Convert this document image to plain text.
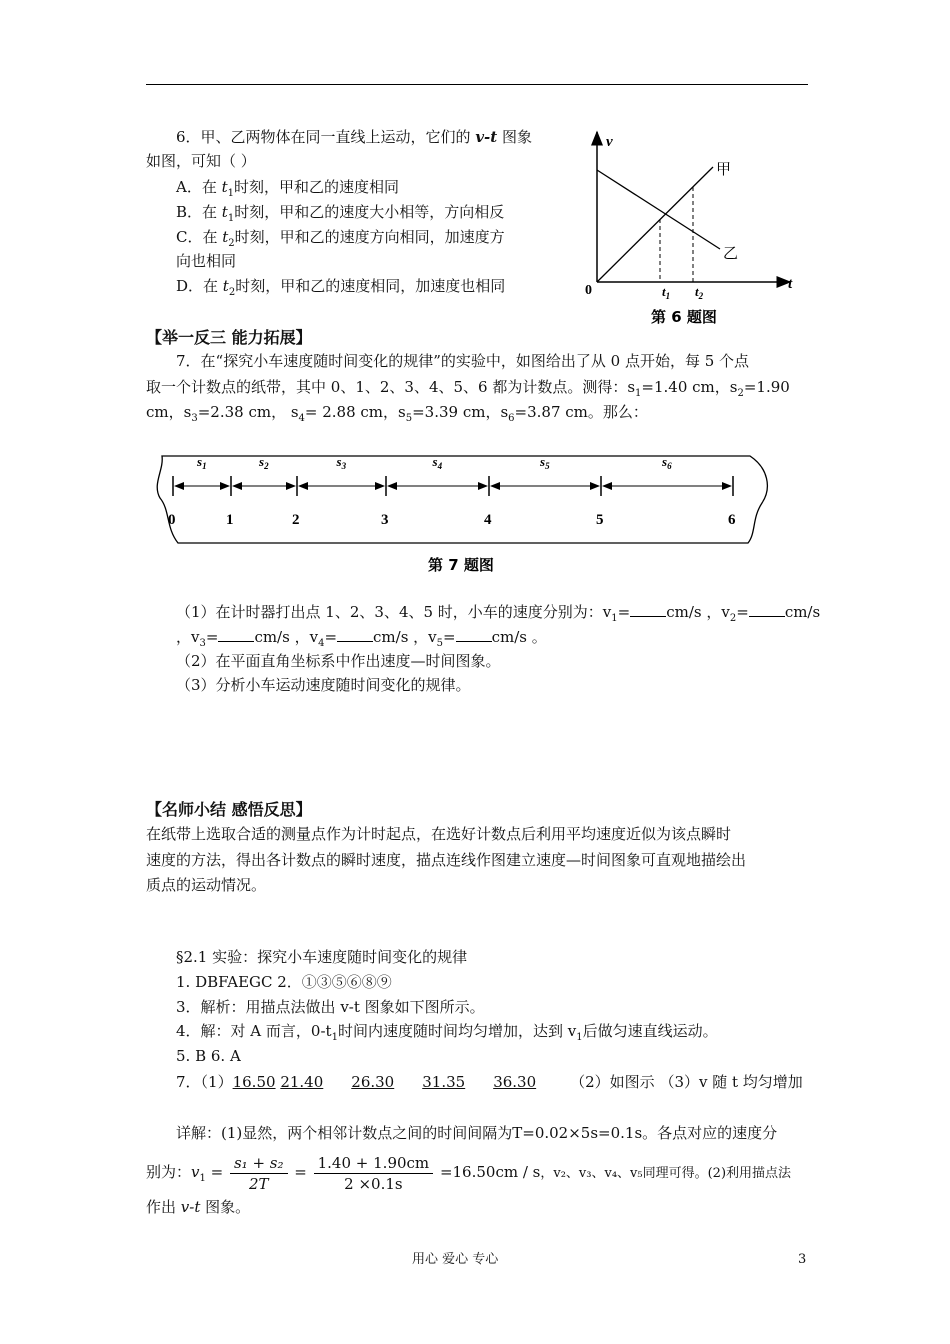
6．甲、乙两物体在同一直线上运动，它们的 v-t 图象
如图，可知（ ）
A．在 $t_1$时刻，甲和乙的速度相同
B．在 $t_1$时刻，甲和乙的速度大小相等，方向相反
C．在 $t_2$时刻，甲和乙的速度方向相同，加速度方
向也相同
D．在 $t_2$时刻，甲和乙的速度相同，加速度也相同
v
t
0
甲
乙
$t_1$ $t_2$
第 6 题图
【举一反三 能力拓展】
7．在“探究小车速度随时间变化的规律”的实验中，如图给出了从 0 点开始，每 5 个点
取一个计数点的纸带，其中 0、1、2、3、4、5、6 都为计数点。测得：$s_1=1.40$ cm，$s_2=1.90$
cm，$s_3=2.38$ cm， $s_4= 2.88$ cm，$s_5=3.39$ cm，$s_6=3.87$ cm。那么：
0	1	2	3	4	5	6
$s_1$	$s_2$	$s_3$	$s_4$	$s_5$	$s_6$
第 7 题图
（1）在计时器打出点 1、2、3、4、5 时，小车的速度分别为：$v_1= cm/s$ ，$v_2= cm/s$
，$v_3= cm/s$ ，$v_4= cm/s$ ，$v_5= cm/s$ 。
（2）在平面直角坐标系中作出速度—时间图象。
（3）分析小车运动速度随时间变化的规律。
【名师小结 感悟反思】
在纸带上选取合适的测量点作为计时起点，在选好计数点后利用平均速度近似为该点瞬时
速度的方法，得出各计数点的瞬时速度，描点连线作图建立速度—时间图象可直观地描绘出
质点的运动情况。
§2.1 实验：探究小车速度随时间变化的规律
1. DBFAEGC 2．①③⑤⑥⑧⑨
3．解析：用描点法做出 v-t 图象如下图所示。
4．解：对 A 而言，$0-t_1$时间内速度随时间均匀增加，达到 $v_1$后做匀速直线运动。
5. B 6. A
7．（1）16.50 21.40 26.30 31.35 36.30 （2）如图示 （3）v 随 t 均匀增加
详解：(1)显然，两个相邻计数点之间的时间间隔为T=0.02×5s=0.1s。各点对应的速度分
别为：$v_1 = \frac{\text{s₁ + s₂}}{2T} = \frac{1.40 + 1.90cm}{2 \times 0.1s} =16.50cm / s$，v₂、v₃、v₄、v₅同理可得。(2)利用描点法
作出 v-t 图象。
用心 爱心 专心	3
